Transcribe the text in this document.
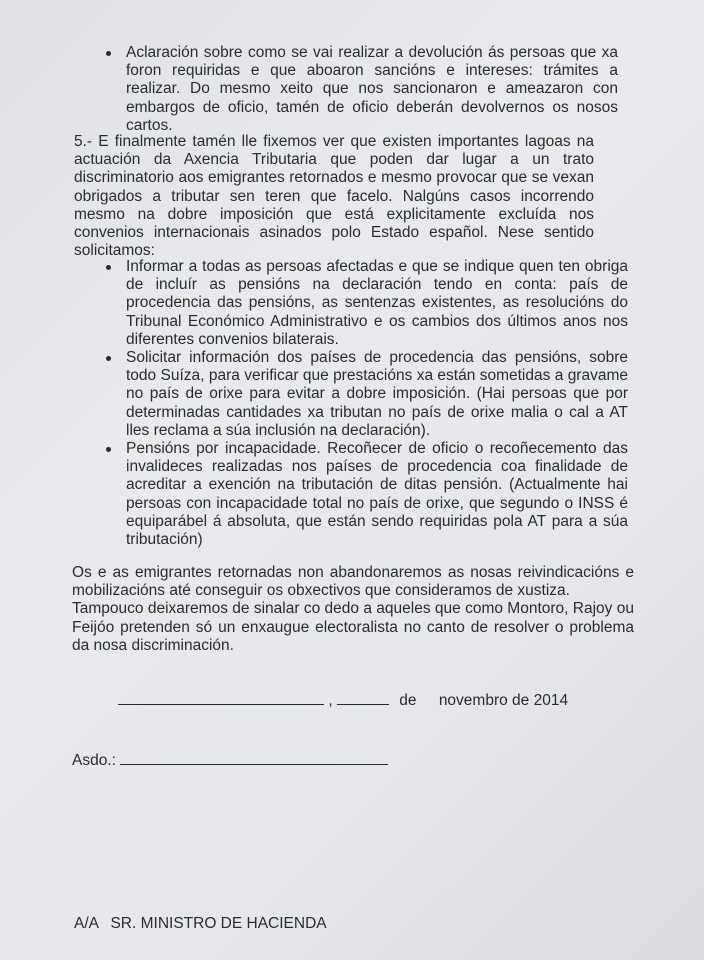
Aclaración sobre como se vai realizar a devolución ás persoas que xa foron requiridas e que aboaron sancións e intereses: trámites a realizar. Do mesmo xeito que nos sancionaron e ameazaron con embargos de oficio, tamén de oficio deberán devolvernos os nosos cartos.
5.- E finalmente tamén lle fixemos ver que existen importantes lagoas na actuación da Axencia Tributaria que poden dar lugar a un trato discriminatorio aos emigrantes retornados e mesmo provocar que se vexan obrigados a tributar sen teren que facelo. Nalgúns casos incorrendo mesmo na dobre imposición que está explicitamente excluída nos convenios internacionais asinados polo Estado español. Nese sentido solicitamos:
Informar a todas as persoas afectadas e que se indique quen ten obriga de incluír as pensións na declaración tendo en conta: país de procedencia das pensións, as sentenzas existentes, as resolucións do Tribunal Económico Administrativo e os cambios dos últimos anos nos diferentes convenios bilaterais.
Solicitar información dos países de procedencia das pensións, sobre todo Suíza, para verificar que prestacións xa están sometidas a gravame no país de orixe para evitar a dobre imposición. (Hai persoas que por determinadas cantidades xa tributan no país de orixe malia o cal a AT lles reclama a súa inclusión na declaración).
Pensións por incapacidade. Recoñecer de oficio o recoñecemento das invalideces realizadas nos países de procedencia coa finalidade de acreditar a exención na tributación de ditas pensión. (Actualmente hai persoas con incapacidade total no país de orixe, que segundo o INSS é equiparábel á absoluta, que están sendo requiridas pola AT para a súa tributación)
Os e as emigrantes retornadas non abandonaremos as nosas reivindicacións e mobilizacións até conseguir os obxectivos que consideramos de xustiza.
Tampouco deixaremos de sinalar co dedo a aqueles que como Montoro, Rajoy ou Feijóo pretenden só un enxaugue electoralista no canto de resolver o problema da nosa discriminación.
,	de novembro de 2014
Asdo.:
A/A SR. MINISTRO DE HACIENDA
